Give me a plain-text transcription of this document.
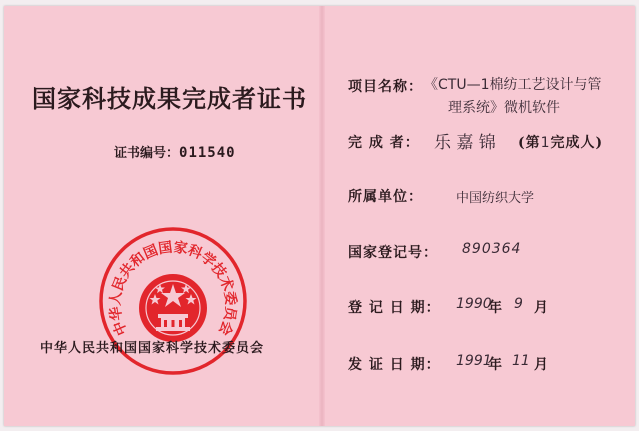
国家科技成果完成者证书

证书编号：011540

中华人民共和国国家科学技术委员会

中华人民共和国国家科学技术委员会

项目名称： 《CTU—1棉纺工艺设计与管

理系统》微机软件

完 成 者： 乐 嘉 锦 (第1完成人)

所属单位：	中国纺织大学

国家登记号： 890364

登 记 日 期： 1990

年 9 月

发 证 日 期： 1991

年 11 月
